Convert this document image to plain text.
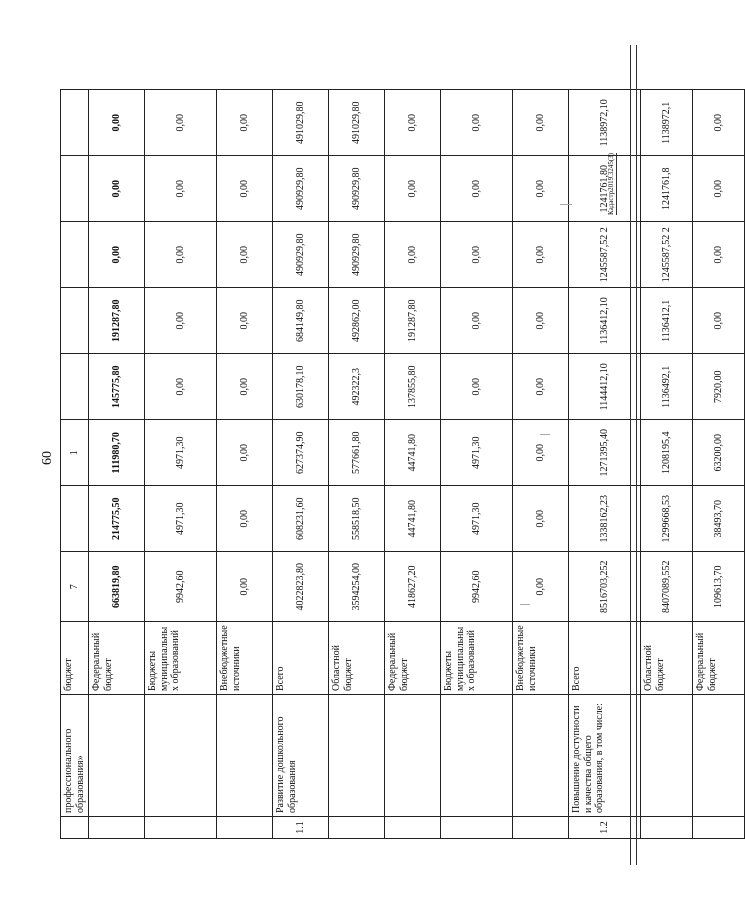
60
	профессионального образования»	бюджет	7		1					
		Федеральный бюджет	663819,80	214775,50	111980,70	145775,80	191287,80	0,00	0,00	0,00
		Бюджеты муниципальны х образований	9942,60	4971,30	4971,30	0,00	0,00	0,00	0,00	0,00
		Внебюджетные источники	0,00	0,00	0,00	0,00	0,00	0,00	0,00	0,00
1.1	Развитие дошкольного образования	Всего	4022823,80	608231,60	627374,90	630178,10	684149,80	490929,80	490929,80	491029,80
		Областной бюджет	3594254,00	558518,50	577661,80	492322,3	492862,00	490929,80	490929,80	491029,80
		Федеральный бюджет	418627,20	44741,80	44741,80	137855,80	191287,80	0,00	0,00	0,00
		Бюджеты муниципальны х образований	9942,60	4971,30	4971,30	0,00	0,00	0,00	0,00	0,00
		Внебюджетные источники	0,00	0,00	0,00	0,00	0,00	0,00	0,00	0,00
1.2	Повышение доступности и качества общего образования, в том числе:	Всего	8516703,252	1338162,23	1271395,40	1144412,10	1136412,10	1245587,52 2	1241761,80	1138972,10
		Областной бюджет	8407089,552	1299668,53	1208195,4	1136492,1	1136412,1	1245587,52 2	1241761,8	1138972,1
		Федеральный бюджет	109613,70	38493,70	63200,00	7920,00	0,00	0,00	0,00	0,00
Кадастр2019.3245(3)
